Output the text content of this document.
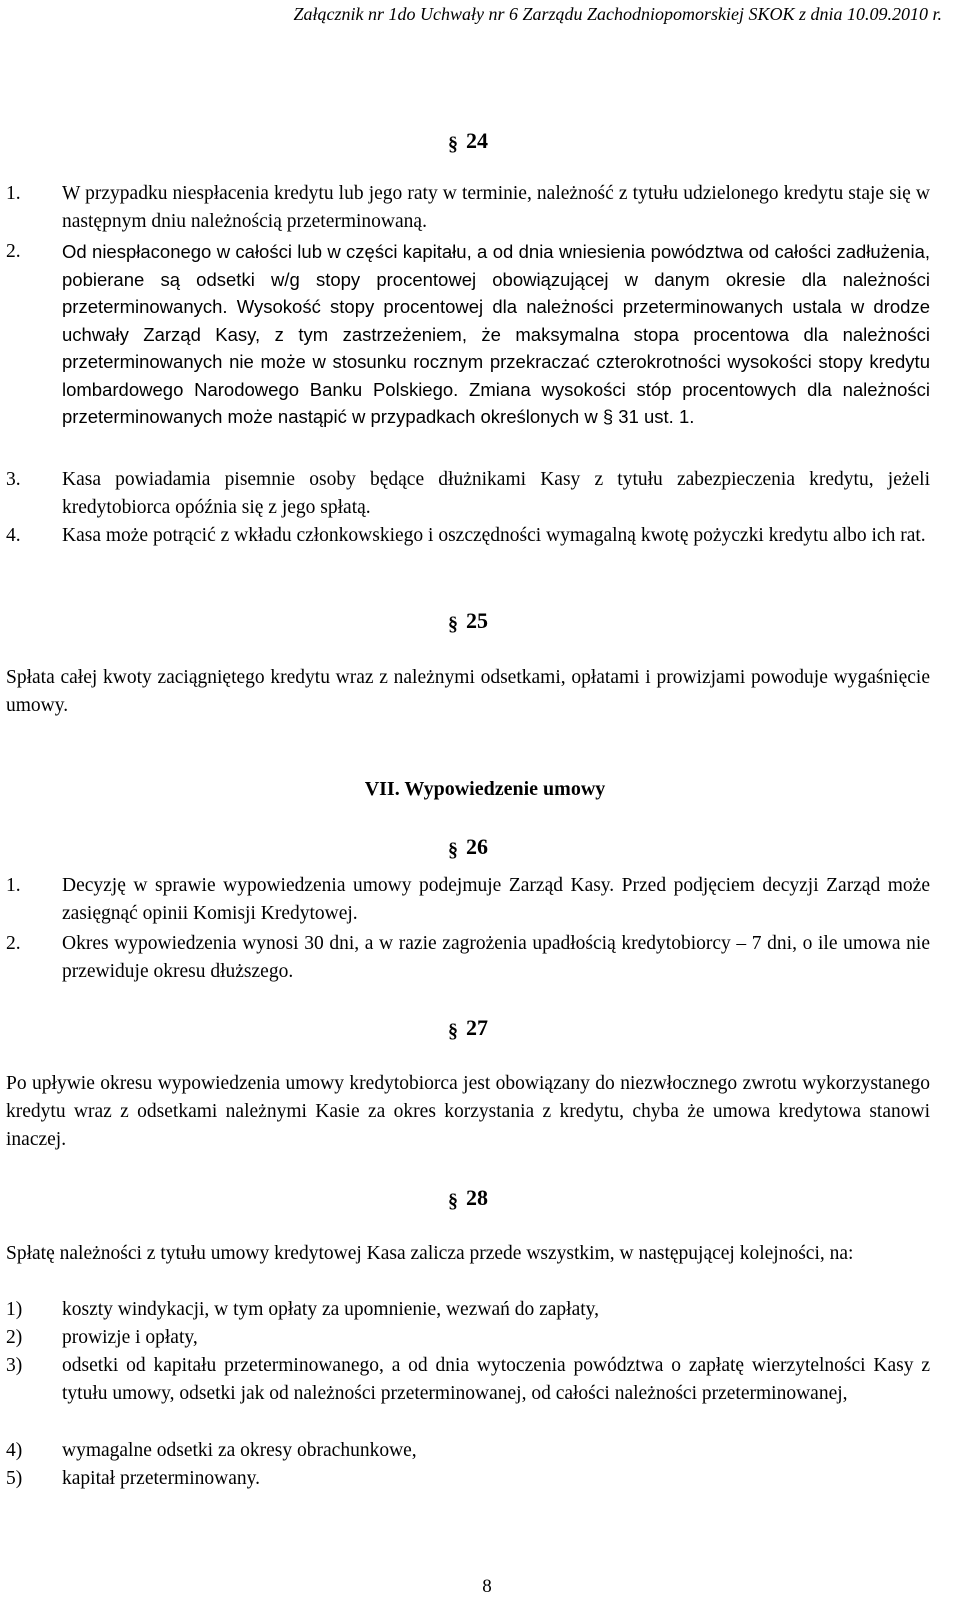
Załącznik nr 1do Uchwały nr 6 Zarządu Zachodniopomorskiej SKOK z dnia 10.09.2010 r.
§ 24
1. W przypadku niespłacenia kredytu lub jego raty w terminie, należność z tytułu udzielonego kredytu staje się w następnym dniu należnością przeterminowaną.
2. Od niespłaconego w całości lub w części kapitału, a od dnia wniesienia powództwa od całości zadłużenia, pobierane są odsetki w/g stopy procentowej obowiązującej w danym okresie dla należności przeterminowanych. Wysokość stopy procentowej dla należności przeterminowanych ustala w drodze uchwały Zarząd Kasy, z tym zastrzeżeniem, że maksymalna stopa procentowa dla należności przeterminowanych nie może w stosunku rocznym przekraczać czterokrotności wysokości stopy kredytu lombardowego Narodowego Banku Polskiego. Zmiana wysokości stóp procentowych dla należności przeterminowanych może nastąpić w przypadkach określonych w § 31 ust. 1.
3. Kasa powiadamia pisemnie osoby będące dłużnikami Kasy z tytułu zabezpieczenia kredytu, jeżeli kredytobiorca opóźnia się z jego spłatą.
4. Kasa może potrącić z wkładu członkowskiego i oszczędności wymagalną kwotę pożyczki kredytu albo ich rat.
§ 25
Spłata całej kwoty zaciągniętego kredytu wraz z należnymi odsetkami, opłatami i prowizjami powoduje wygaśnięcie umowy.
VII. Wypowiedzenie umowy
§ 26
1. Decyzję w sprawie wypowiedzenia umowy podejmuje Zarząd Kasy. Przed podjęciem decyzji Zarząd może zasięgnąć opinii Komisji Kredytowej.
2. Okres wypowiedzenia wynosi 30 dni, a w razie zagrożenia upadłością kredytobiorcy – 7 dni, o ile umowa nie przewiduje okresu dłuższego.
§ 27
Po upływie okresu wypowiedzenia umowy kredytobiorca jest obowiązany do niezwłocznego zwrotu wykorzystanego kredytu wraz z odsetkami należnymi Kasie za okres korzystania z kredytu, chyba że umowa kredytowa stanowi inaczej.
§ 28
Spłatę należności z tytułu umowy kredytowej Kasa zalicza przede wszystkim, w następującej kolejności, na:
1) koszty windykacji, w tym opłaty za upomnienie, wezwań do zapłaty,
2) prowizje i opłaty,
3) odsetki od kapitału przeterminowanego, a od dnia wytoczenia powództwa o zapłatę wierzytelności Kasy z tytułu umowy, odsetki jak od należności przeterminowanej, od całości należności przeterminowanej,
4) wymagalne odsetki za okresy obrachunkowe,
5) kapitał przeterminowany.
8
